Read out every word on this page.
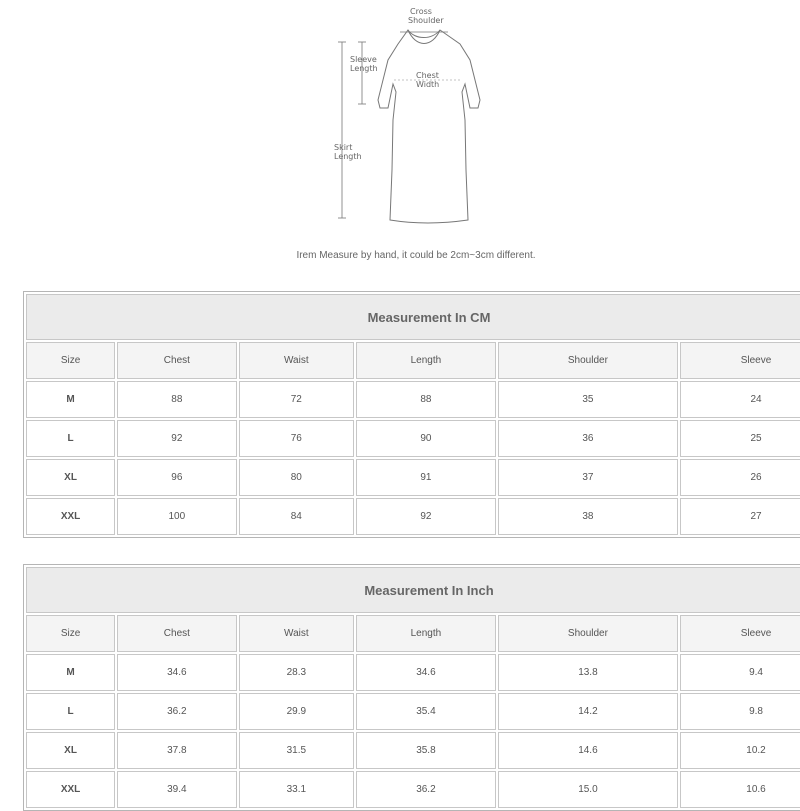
Cross
Shoulder
Sleeve
Length
Chest
Width
Skirt
Length
Irem Measure by hand, it could be 2cm~3cm different.
Measurement In CM					
Size	Chest	Waist	Length	Shoulder	Sleeve
M	88	72	88	35	24
L	92	76	90	36	25
XL	96	80	91	37	26
XXL	100	84	92	38	27
Measurement In Inch					
Size	Chest	Waist	Length	Shoulder	Sleeve
M	34.6	28.3	34.6	13.8	9.4
L	36.2	29.9	35.4	14.2	9.8
XL	37.8	31.5	35.8	14.6	10.2
XXL	39.4	33.1	36.2	15.0	10.6
